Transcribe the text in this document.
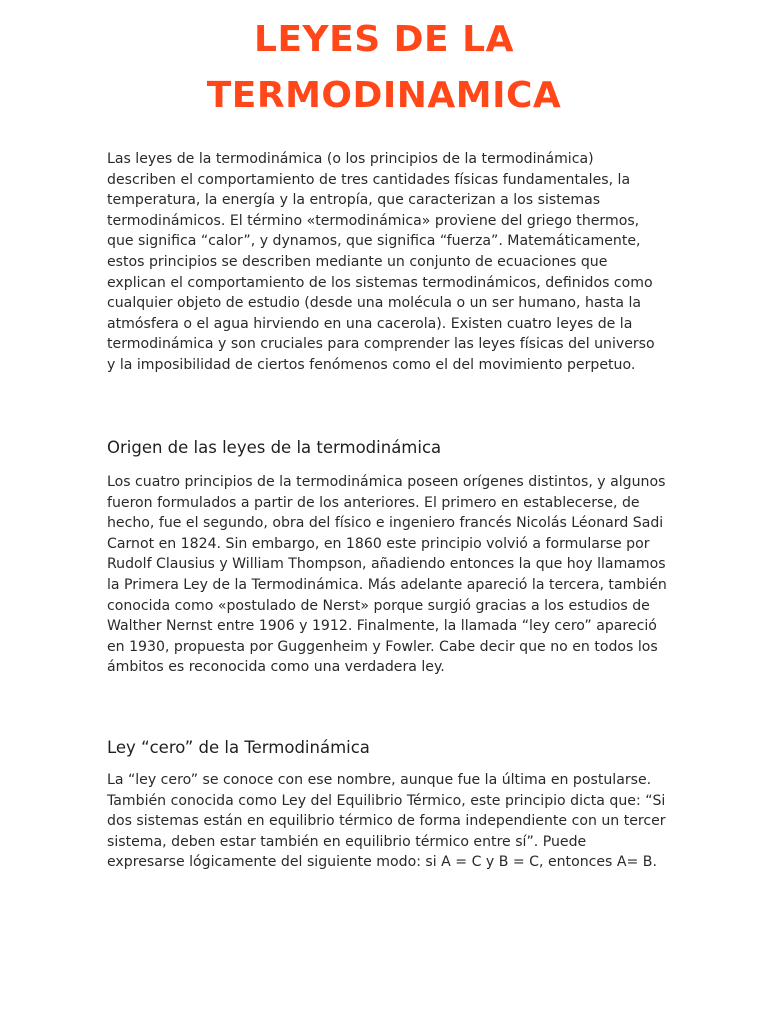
LEYES DE LA
TERMODINAMICA

Las leyes de la termodinámica (o los principios de la termodinámica) describen el comportamiento de tres cantidades físicas fundamentales, la temperatura, la energía y la entropía, que caracterizan a los sistemas termodinámicos. El término «termodinámica» proviene del griego thermos, que significa “calor”, y dynamos, que significa “fuerza”. Matemáticamente, estos principios se describen mediante un conjunto de ecuaciones que explican el comportamiento de los sistemas termodinámicos, definidos como cualquier objeto de estudio (desde una molécula o un ser humano, hasta la atmósfera o el agua hirviendo en una cacerola). Existen cuatro leyes de la termodinámica y son cruciales para comprender las leyes físicas del universo y la imposibilidad de ciertos fenómenos como el del movimiento perpetuo.

Origen de las leyes de la termodinámica

Los cuatro principios de la termodinámica poseen orígenes distintos, y algunos fueron formulados a partir de los anteriores. El primero en establecerse, de hecho, fue el segundo, obra del físico e ingeniero francés Nicolás Léonard Sadi Carnot en 1824. Sin embargo, en 1860 este principio volvió a formularse por Rudolf Clausius y William Thompson, añadiendo entonces la que hoy llamamos la Primera Ley de la Termodinámica. Más adelante apareció la tercera, también conocida como «postulado de Nerst» porque surgió gracias a los estudios de Walther Nernst entre 1906 y 1912. Finalmente, la llamada “ley cero” apareció en 1930, propuesta por Guggenheim y Fowler. Cabe decir que no en todos los ámbitos es reconocida como una verdadera ley.

Ley “cero” de la Termodinámica

La “ley cero” se conoce con ese nombre, aunque fue la última en postularse. También conocida como Ley del Equilibrio Térmico, este principio dicta que: “Si dos sistemas están en equilibrio térmico de forma independiente con un tercer sistema, deben estar también en equilibrio térmico entre sí”. Puede expresarse lógicamente del siguiente modo: si A = C y B = C, entonces A= B.
